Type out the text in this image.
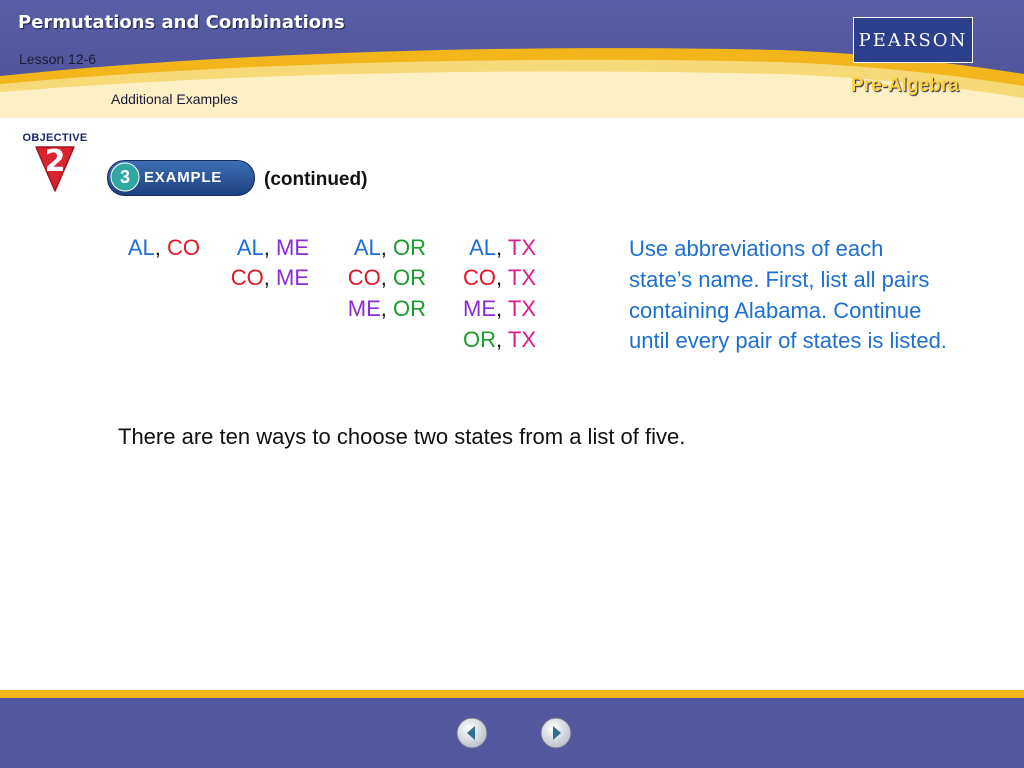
Permutations and Combinations
Lesson 12-6
Additional Examples
PEARSON
Pre-Algebra
OBJECTIVE
2	3 EXAMPLE (continued)
AL, CO	AL, ME
CO, ME
AL, OR
CO, OR
ME, OR
AL, TX
CO, TX
ME, TX
OR, TX

Use abbreviations of each state’s name. First, list all pairs containing Alabama. Continue until every pair of states is listed.

There are ten ways to choose two states from a list of five.
